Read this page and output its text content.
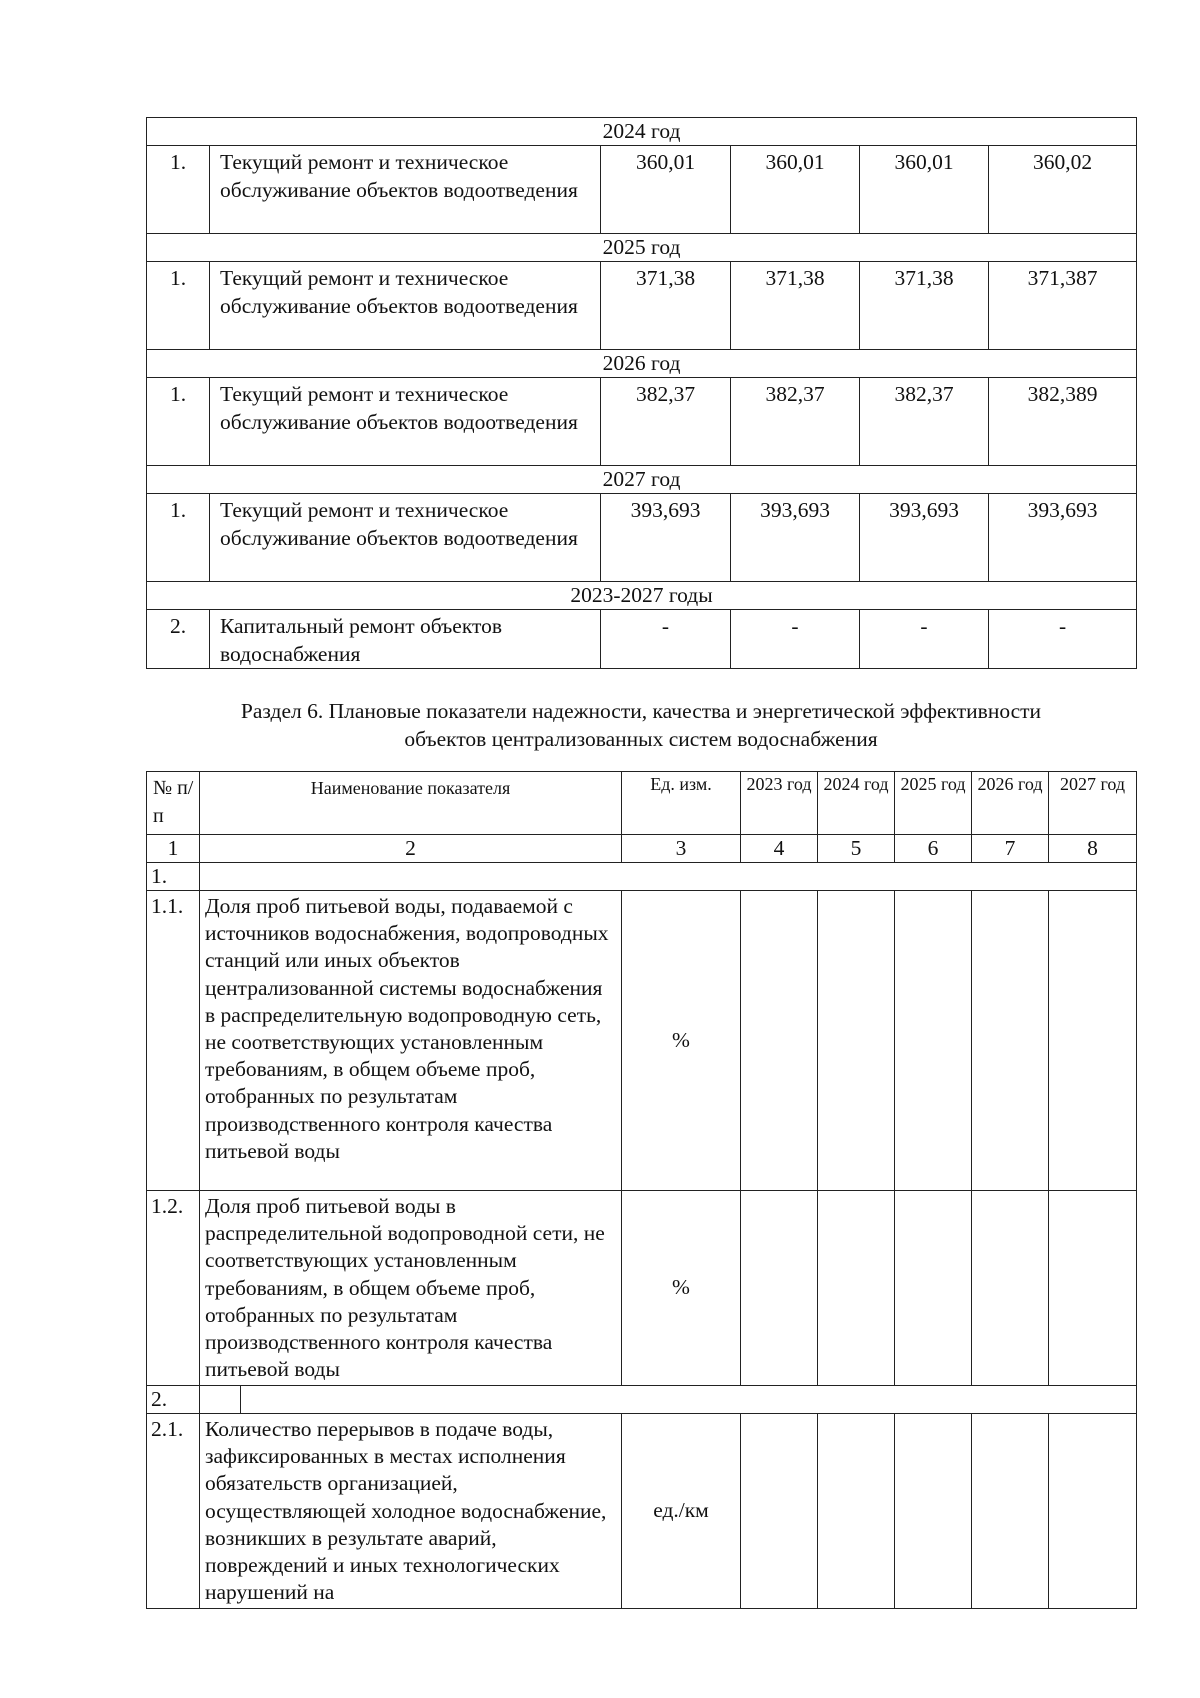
2024 год					
1.	Текущий ремонт и техническое обслуживание объектов водоотведения	360,01	360,01	360,01	360,02
2025 год					
1.	Текущий ремонт и техническое обслуживание объектов водоотведения	371,38	371,38	371,38	371,387
2026 год					
1.	Текущий ремонт и техническое обслуживание объектов водоотведения	382,37	382,37	382,37	382,389
2027 год					
1.	Текущий ремонт и техническое обслуживание объектов водоотведения	393,693	393,693	393,693	393,693
2023-2027 годы					
2.	Капитальный ремонт объектов водоснабжения	-	-	-	-
Раздел 6. Плановые показатели надежности, качества и энергетической эффективности
объектов централизованных систем водоснабжения
№ п/п	Наименование показателя	Ед. изм.	2023 год	2024 год	2025 год	2026 год	2027 год
1	2	3	4	5	6	7	8
1.							
1.1.	Доля проб питьевой воды, подаваемой с источников водоснабжения, водопроводных станций или иных объектов централизованной системы водоснабжения в распределительную водопроводную сеть, не соответствующих установленным требованиям, в общем объеме проб, отобранных по результатам производственного контроля качества питьевой воды	%					
1.2.	Доля проб питьевой воды в распределительной водопроводной сети, не соответствующих установленным требованиям, в общем объеме проб, отобранных по результатам производственного контроля качества питьевой воды	%					
2.							

2.1.	Количество перерывов в подаче воды, зафиксированных в местах исполнения обязательств организацией, осуществляющей холодное водоснабжение, возникших в результате аварий, повреждений и иных технологических нарушений на	ед./км					
